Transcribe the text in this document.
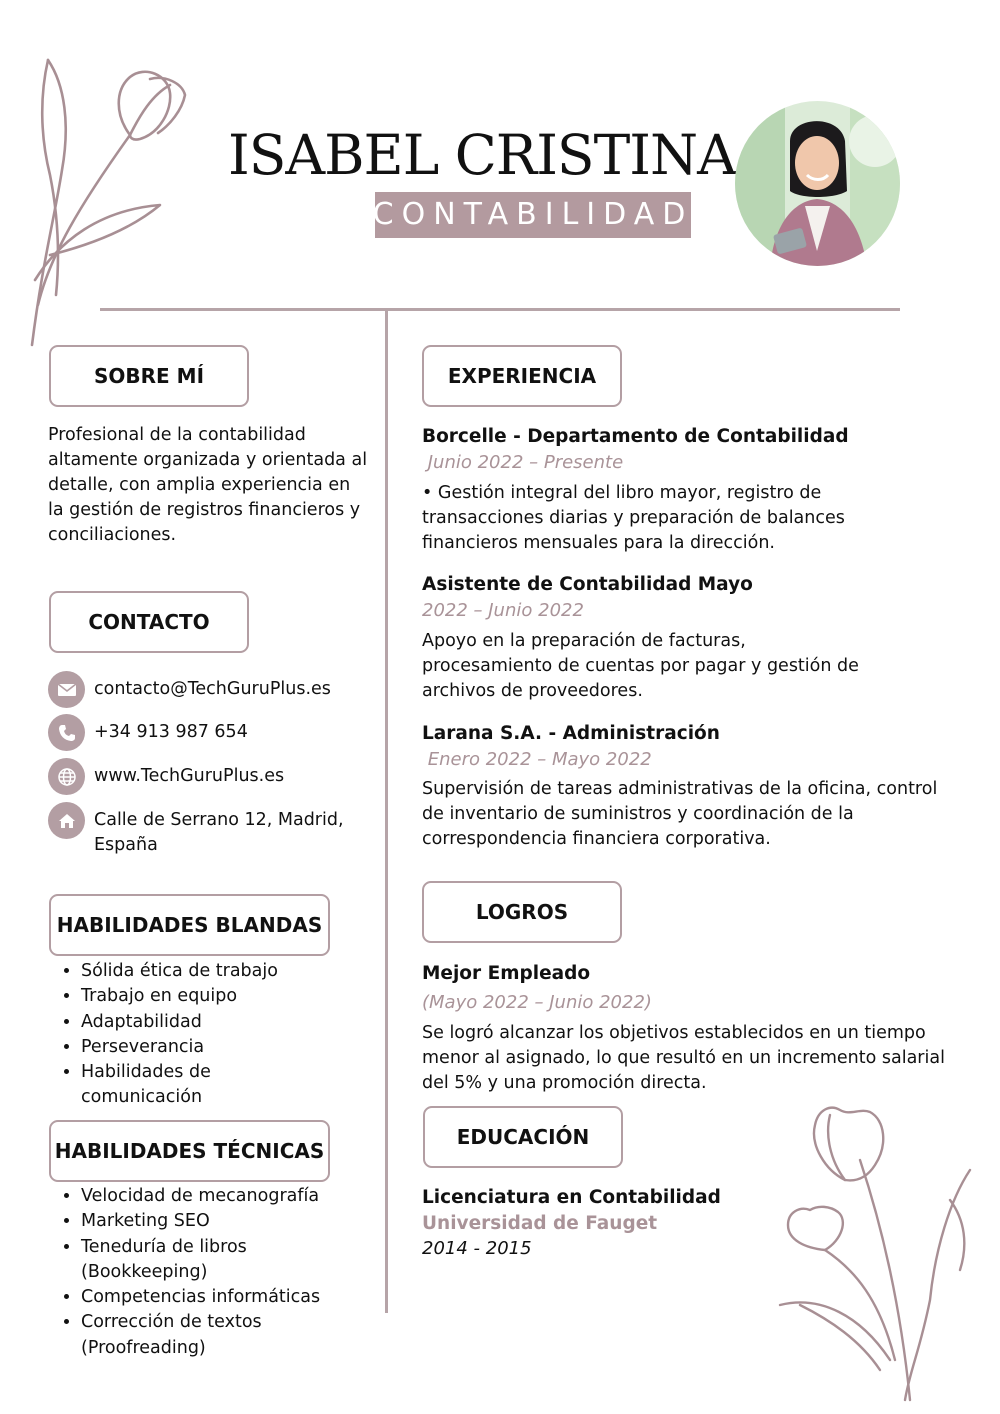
ISABEL CRISTINA
CONTABILIDAD
SOBRE MÍ
Profesional de la contabilidad altamente organizada y orientada al detalle, con amplia experiencia en la gestión de registros financieros y conciliaciones.
CONTACTO
contacto@TechGuruPlus.es
+34 913 987 654
www.TechGuruPlus.es
Calle de Serrano 12, Madrid, España
HABILIDADES BLANDAS
• Sólida ética de trabajo
• Trabajo en equipo
• Adaptabilidad
• Perseverancia
• Habilidades de comunicación
HABILIDADES TÉCNICAS
• Velocidad de mecanografía
• Marketing SEO
• Teneduría de libros (Bookkeeping)
• Competencias informáticas
• Corrección de textos (Proofreading)
EXPERIENCIA
Borcelle - Departamento de Contabilidad
Junio 2022 – Presente
• Gestión integral del libro mayor, registro de transacciones diarias y preparación de balances financieros mensuales para la dirección.
Asistente de Contabilidad Mayo
2022 – Junio 2022
Apoyo en la preparación de facturas, procesamiento de cuentas por pagar y gestión de archivos de proveedores.
Larana S.A. - Administración
Enero 2022 – Mayo 2022
Supervisión de tareas administrativas de la oficina, control de inventario de suministros y coordinación de la correspondencia financiera corporativa.
LOGROS
Mejor Empleado
(Mayo 2022 – Junio 2022)
Se logró alcanzar los objetivos establecidos en un tiempo menor al asignado, lo que resultó en un incremento salarial del 5% y una promoción directa.
EDUCACIÓN
Licenciatura en Contabilidad
Universidad de Fauget
2014 - 2015
